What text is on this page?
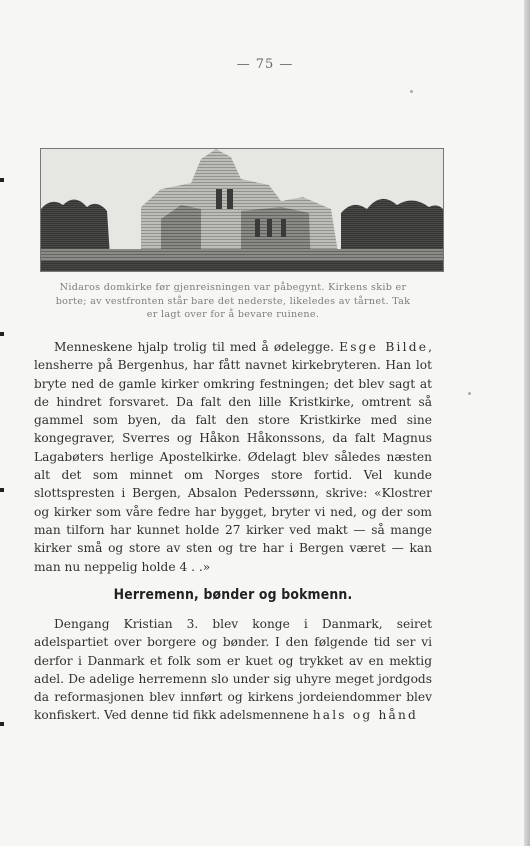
— 75 —
Nidaros domkirke før gjenreisningen var påbegynt. Kirkens skib er
borte; av vestfronten står bare det nederste, likeledes av tårnet. Tak
er lagt over for å bevare ruinene.

Menneskene hjalp trolig til med å ødelegge. Esge Bilde, lensherre på Bergenhus, har fått navnet kirkebryteren. Han lot bryte ned de gamle kirker omkring festningen; det blev sagt at de hindret forsvaret. Da falt den lille Kristkirke, omtrent så gammel som byen, da falt den store Kristkirke med sine kongegraver, Sverres og Håkon Håkonssons, da falt Magnus Lagabøters herlige Apostelkirke. Ødelagt blev således næsten alt det som minnet om Norges store fortid. Vel kunde slottspresten i Bergen, Absalon Pederssønn, skrive: «Klostrer og kirker som våre fedre har bygget, bryter vi ned, og der som man tilforn har kunnet holde 27 kirker ved makt — så mange kirker små og store av sten og tre har i Bergen været — kan man nu neppelig holde 4 . .»

Herremenn, bønder og bokmenn.

Dengang Kristian 3. blev konge i Danmark, seiret adelspartiet over borgere og bønder. I den følgende tid ser vi derfor i Danmark et folk som er kuet og trykket av en mektig adel. De adelige herremenn slo under sig uhyre meget jordgods da reformasjonen blev innført og kirkens jordeiendommer blev konfiskert. Ved denne tid fikk adelsmennene hals og hånd
